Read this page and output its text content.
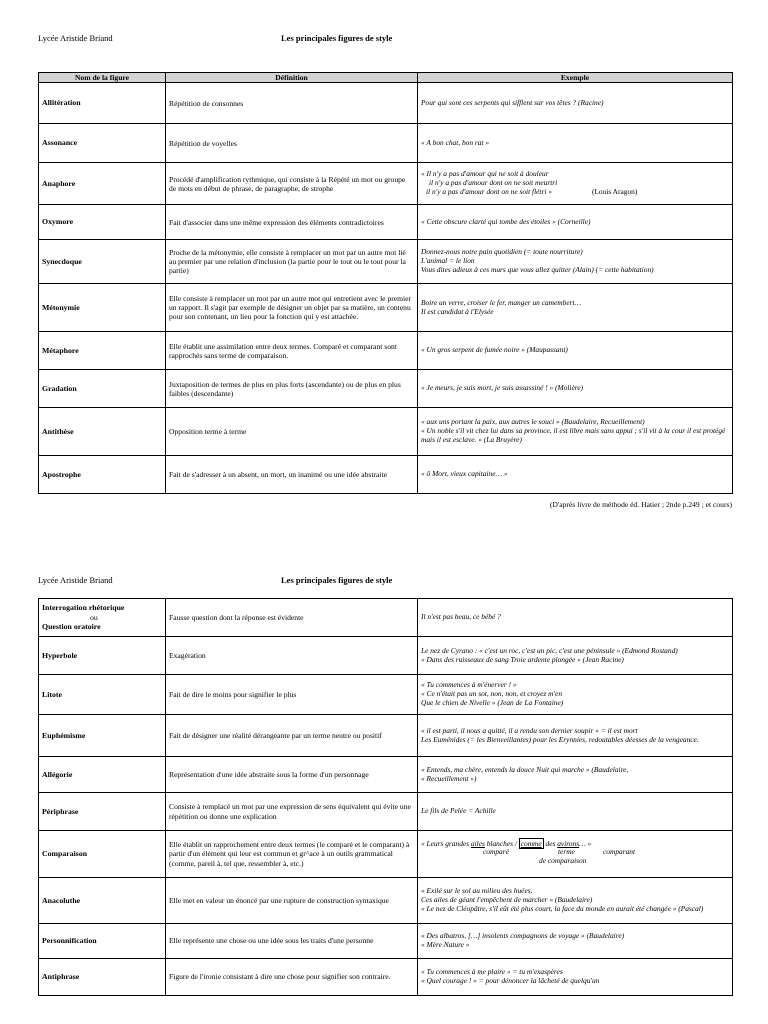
Lycée Aristide Briand	Les principales figures de style
Nom de la figure	Définition	Exemple
Allitération	Répétition de consonnes	Pour qui sont ces serpents qui sifflent sur vos têtes ? (Racine)
Assonance	Répétition de voyelles	« A bon chat, bon rat »
Anaphore	Procédé d'amplification rythmique, qui consiste à la Répété un mot ou groupe de mots en début de phrase, de paragraphe, de strophe	« Il n'y a pas d'amour qui ne soit à douleur
il n'y a pas d'amour dont on ne soit meurtri
il n'y a pas d'amour dont on ne soit flétri » (Louis Aragon)

Oxymore	Fait d'associer dans une même expression des éléments contradictoires	« Cette obscure clarté qui tombe des étoiles » (Corneille)
Synecdoque	Proche de la métonymie, elle consiste à remplacer un mot par un autre mot lié au premier par une relation d'inclusion (la partie pour le tout ou le tout pour la partie)	Donnez-nous notre pain quotidien (= toute nourriture)
L'animal = le lion
Vous dites adieux à ces murs que vous allez quitter (Alain) (= cette habitation)

Métonymie	Elle consiste à remplacer un mot par un autre mot qui entretient avec le premier un rapport. Il s'agit par exemple de désigner un objet par sa matière, un contenu pour son contenant, un lieu pour la fonction qui y est attachée.	Boire un verre, croiser le fer, manger un camembert…
Il est candidat à l'Elysée

Métaphore	Elle établit une assimilation entre deux termes. Comparé et comparant sont rapprochés sans terme de comparaison.	« Un gros serpent de fumée noire » (Maupassant)
Gradation	Juxtaposition de termes de plus en plus forts (ascendante) ou de plus en plus faibles (descendante)	« Je meurs, je suis mort, je suis assassiné ! » (Molière)
Antithèse	Opposition terme à terme	« aux uns portant la paix, aux autres le souci » (Baudelaire, Recueillement)
« Un noble s'il vit chez lui dans sa province, il est libre mais sans appui ; s'il vit à la cour il est protégé mais il est esclave. » (La Bruyère)

Apostrophe	Fait de s'adresser à un absent, un mort, un inanimé ou une idée abstraite	« ô Mort, vieux capitaine… »
(D'après livre de méthode éd. Hatier ; 2nde p.249 ; et cours)
Lycée Aristide Briand	Les principales figures de style
Interrogation rhétorique
ou
Question oratoire	Fausse question dont la réponse est évidente	Il n'est pas beau, ce bébé ?
Hyperbole	Exagération	Le nez de Cyrano : « c'est un roc, c'est un pic, c'est une péninsule » (Edmond Rostand)
« Dans des ruisseaux de sang Troie ardente plongée » (Jean Racine)

Litote	Fait de dire le moins pour signifier le plus	« Tu commences à m'énerver ! »
« Ce n'était pas un sot, non, non, et croyez m'en
Que le chien de Nivelle » (Jean de La Fontaine)

Euphémisme	Fait de désigner une réalité dérangeante par un terme neutre ou positif	« il est parti, il nous a quitté, il a rendu son dernier soupir » = il est mort
Les Euménides (= les Bienveillantes) pour les Erynnies, redoutables déesses de la vengeance.

Allégorie	Représentation d'une idée abstraite sous la forme d'un personnage	« Entends, ma chère, entends la douce Nuit qui marche » (Baudelaire,
« Recueillement »)

Périphrase	Consiste à remplacé un mot par une expression de sens équivalent qui évite une répétition ou donne une explication	Le fils de Pelée = Achille
Comparaison	Elle établit un rapprochement entre deux termes (le comparé et le comparant) à partir d'un élément qui leur est commun et gr^ace à un outils grammatical (comme, pareil à, tel que, ressembler à, etc.)	« Leurs grandes ailes blanches / comme des avirons… »
comparé terme comparant
de comparaison

Anacoluthe	Elle met en valeur un énoncé par une rupture de construction syntaxique	« Exilé sur le sol au milieu des huées,
Ces ailes de géant l'empêchent de marcher » (Baudelaire)
« Le nez de Cléopâtre, s'il eût été plus court, la face du monde en aurait été changée » (Pascal)

Personnification	Elle représente une chose ou une idée sous les traits d'une personne	« Des albatros, […] insolents compagnons de voyage » (Baudelaire)
« Mère Nature »

Antiphrase	Figure de l'ironie consistant à dire une chose pour signifier son contraire.	« Tu commences à me plaire » = tu m'exaspères
« Quel courage ! » = pour dénoncer la lâcheté de quelqu'un
